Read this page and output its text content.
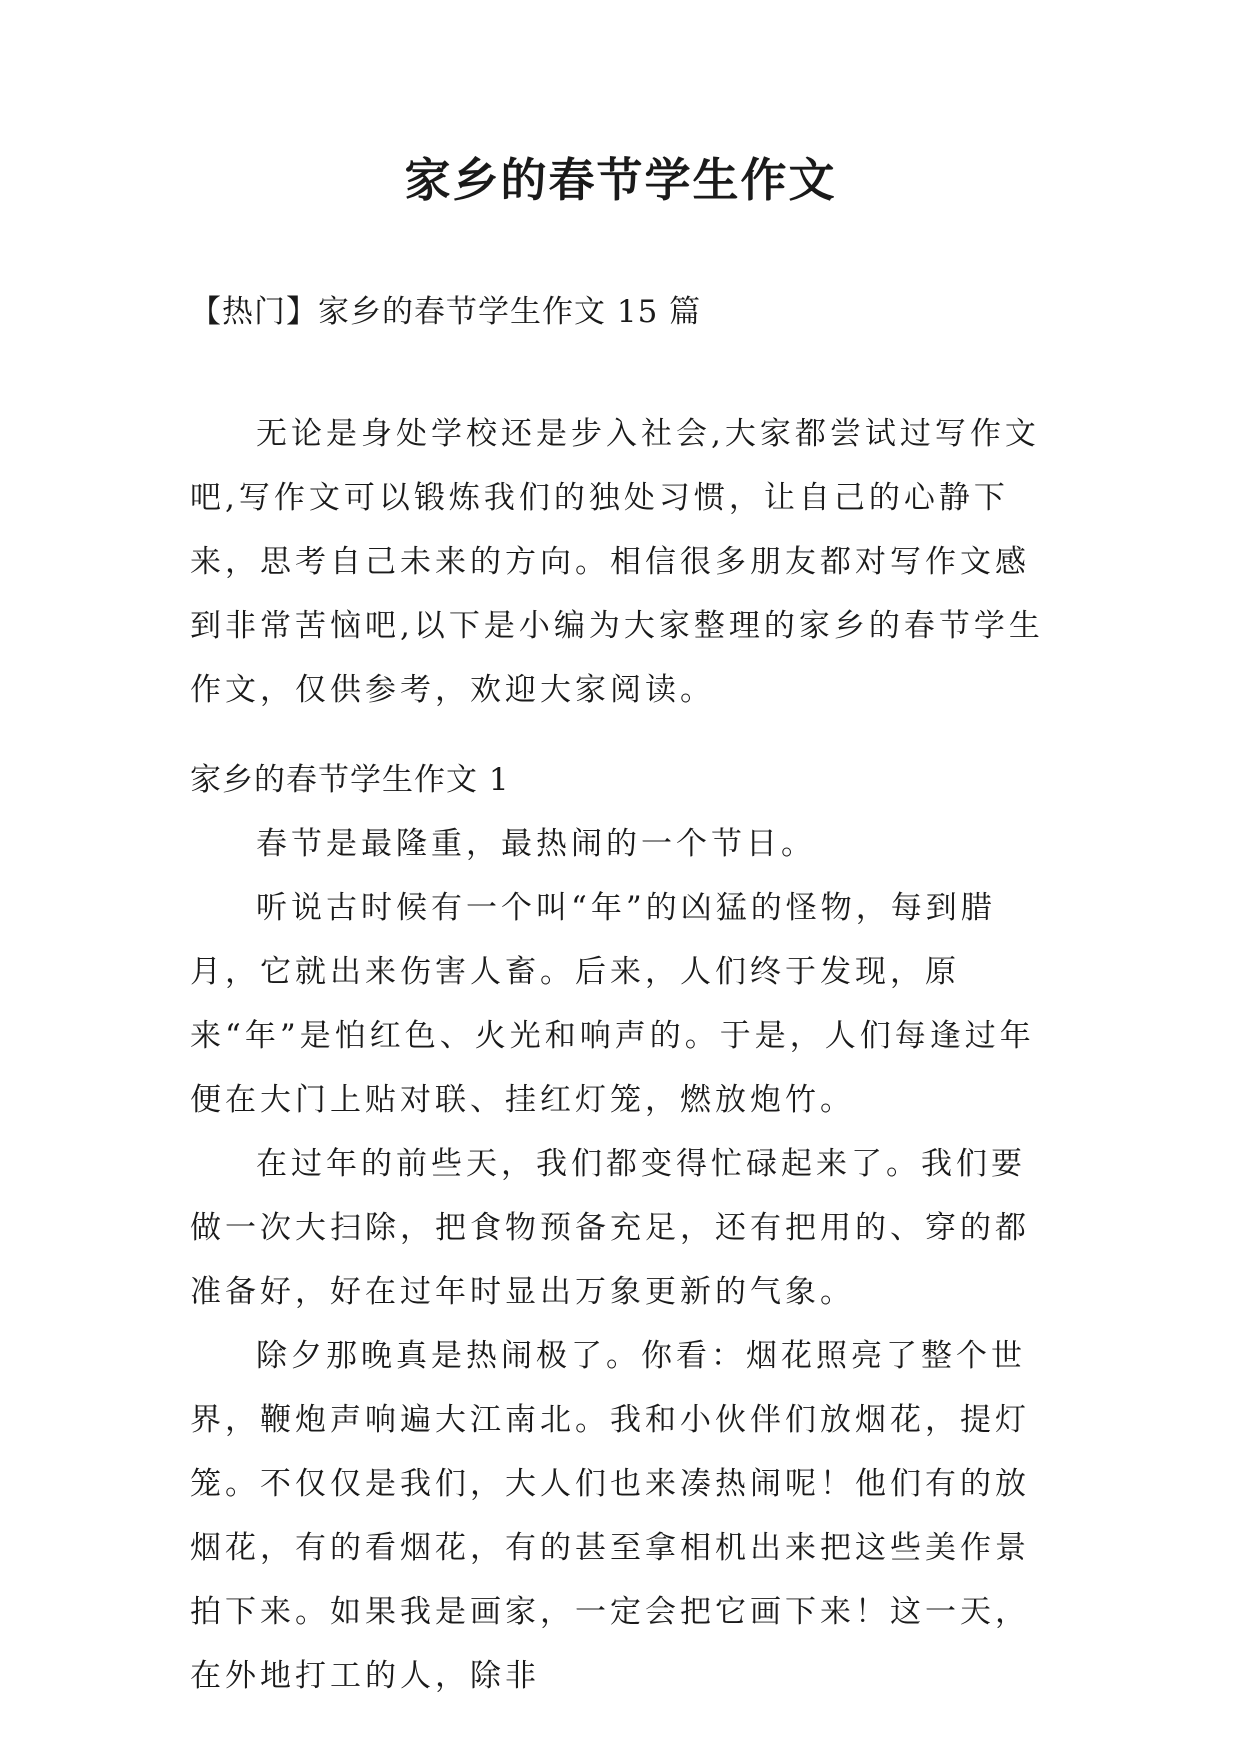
家乡的春节学生作文

【热门】家乡的春节学生作文 15 篇

无论是身处学校还是步入社会,大家都尝试过写作文吧,写作文可以锻炼我们的独处习惯，让自己的心静下来，思考自己未来的方向。相信很多朋友都对写作文感到非常苦恼吧,以下是小编为大家整理的家乡的春节学生作文，仅供参考，欢迎大家阅读。

家乡的春节学生作文 1

春节是最隆重，最热闹的一个节日。

听说古时候有一个叫“年”的凶猛的怪物，每到腊月，它就出来伤害人畜。后来，人们终于发现，原来“年”是怕红色、火光和响声的。于是，人们每逢过年便在大门上贴对联、挂红灯笼，燃放炮竹。

在过年的前些天，我们都变得忙碌起来了。我们要做一次大扫除，把食物预备充足，还有把用的、穿的都准备好，好在过年时显出万象更新的气象。

除夕那晚真是热闹极了。你看：烟花照亮了整个世界，鞭炮声响遍大江南北。我和小伙伴们放烟花，提灯笼。不仅仅是我们，大人们也来凑热闹呢！他们有的放烟花，有的看烟花，有的甚至拿相机出来把这些美作景拍下来。如果我是画家，一定会把它画下来！这一天，在外地打工的人，除非
